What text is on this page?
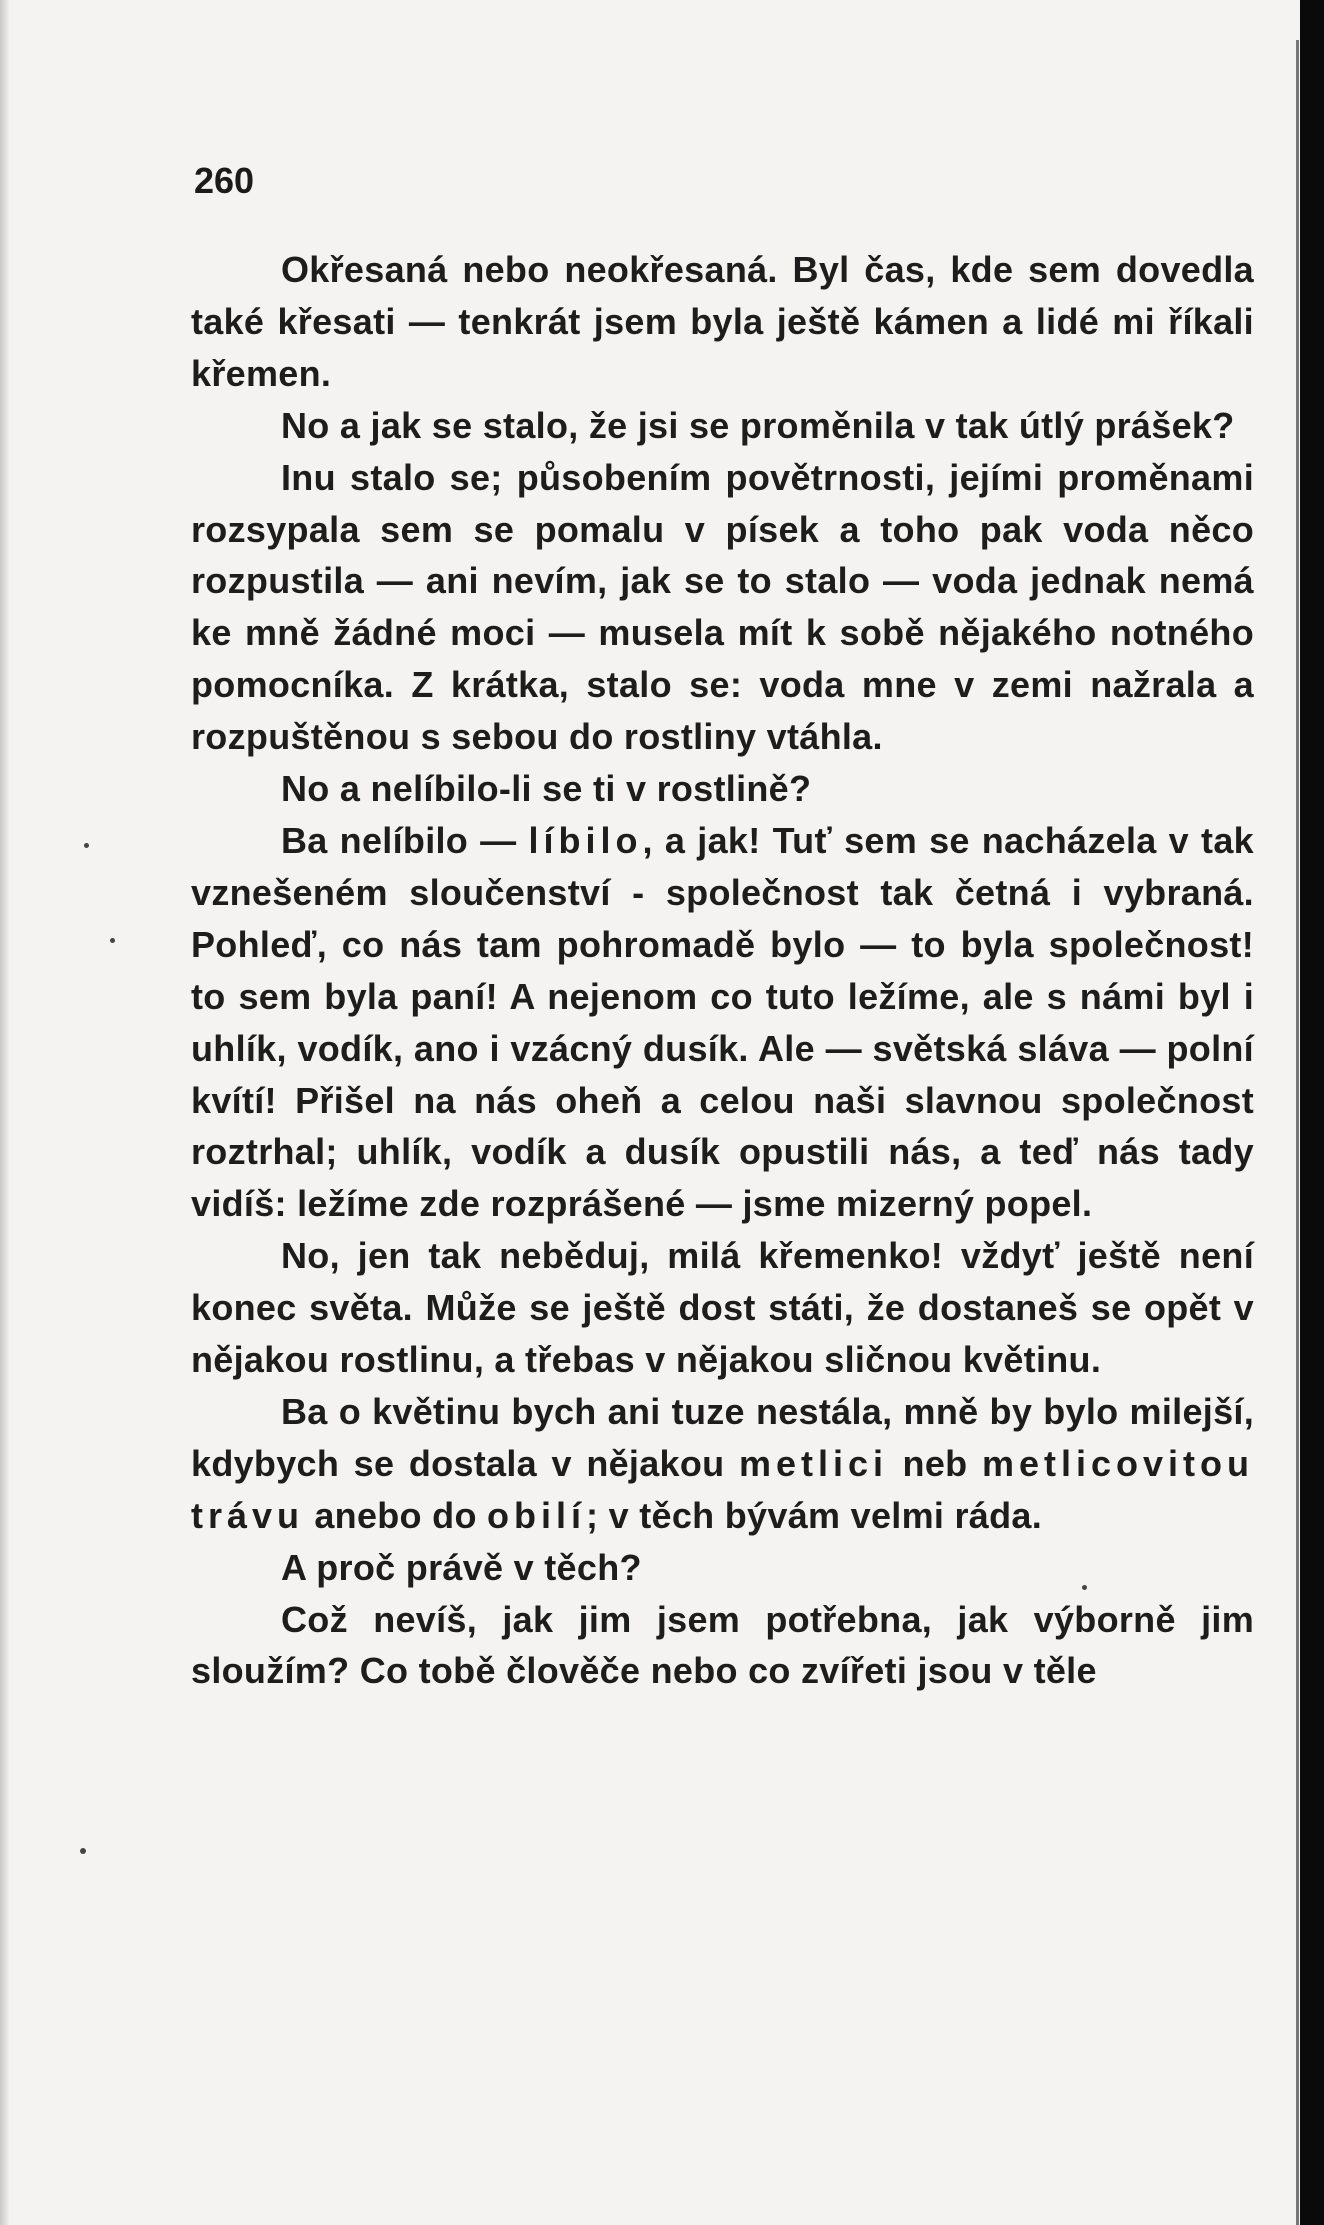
260

Okřesaná nebo neokřesaná. Byl čas, kde sem dovedla také křesati — tenkrát jsem byla ještě kámen a lidé mi říkali křemen.

No a jak se stalo, že jsi se proměnila v tak útlý prášek?

Inu stalo se; působením povětrnosti, jejími proměnami rozsypala sem se pomalu v písek a toho pak voda něco rozpustila — ani nevím, jak se to stalo — voda jednak nemá ke mně žádné moci — musela mít k sobě nějakého notného pomocníka. Z krátka, stalo se: voda mne v zemi nažrala a rozpuštěnou s sebou do rostliny vtáhla.

No a nelíbilo-li se ti v rostlině?

Ba nelíbilo — líbilo, a jak! Tuť sem se nacházela v tak vznešeném sloučenství - společnost tak četná i vybraná. Pohleď, co nás tam pohromadě bylo — to byla společnost! to sem byla paní! A nejenom co tuto ležíme, ale s námi byl i uhlík, vodík, ano i vzácný dusík. Ale — světská sláva — polní kvítí! Přišel na nás oheň a celou naši slavnou společnost roztrhal; uhlík, vodík a dusík opustili nás, a teď nás tady vidíš: ležíme zde rozprášené — jsme mizerný popel.

No, jen tak neběduj, milá křemenko! vždyť ještě není konec světa. Může se ještě dost státi, že dostaneš se opět v nějakou rostlinu, a třebas v nějakou sličnou květinu.

Ba o květinu bych ani tuze nestála, mně by bylo milejší, kdybych se dostala v nějakou metlici neb metlicovitou trávu anebo do obilí; v těch bývám velmi ráda.

A proč právě v těch?

Což nevíš, jak jim jsem potřebna, jak výborně jim sloužím? Co tobě člověče nebo co zvířeti jsou v těle
